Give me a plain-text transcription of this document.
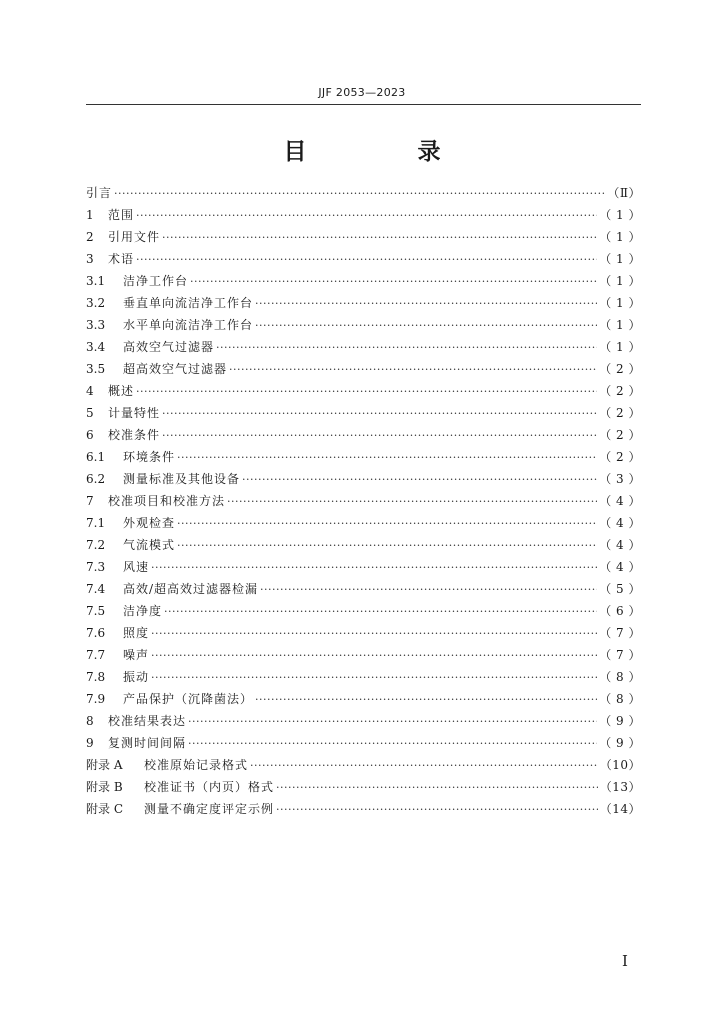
JJF 2053—2023
目　录
引言 ·····	（Ⅱ）
1	范围 ·····	（ 1 ）
2	引用文件 ·····	（ 1 ）
3	术语 ·····	（ 1 ）
3.1	洁净工作台 ·····	（ 1 ）
3.2	垂直单向流洁净工作台 ·····	（ 1 ）
3.3	水平单向流洁净工作台 ·····	（ 1 ）
3.4	高效空气过滤器 ·····	（ 1 ）
3.5	超高效空气过滤器 ·····	（ 2 ）
4	概述 ·····	（ 2 ）
5	计量特性 ·····	（ 2 ）
6	校准条件 ·····	（ 2 ）
6.1	环境条件 ·····	（ 2 ）
6.2	测量标准及其他设备 ·····	（ 3 ）
7	校准项目和校准方法 ·····	（ 4 ）
7.1	外观检查 ·····	（ 4 ）
7.2	气流模式 ·····	（ 4 ）
7.3	风速 ·····	（ 4 ）
7.4	高效/超高效过滤器检漏 ·····	（ 5 ）
7.5	洁净度 ·····	（ 6 ）
7.6	照度 ·····	（ 7 ）
7.7	噪声 ·····	（ 7 ）
7.8	振动 ·····	（ 8 ）
7.9	产品保护（沉降菌法） ·····	（ 8 ）
8	校准结果表达 ·····	（ 9 ）
9	复测时间间隔 ·····	（ 9 ）
附录 A	校准原始记录格式 ·····	（10）
附录 B	校准证书（内页）格式 ·····	（13）
附录 C	测量不确定度评定示例 ·····	（14）
I
